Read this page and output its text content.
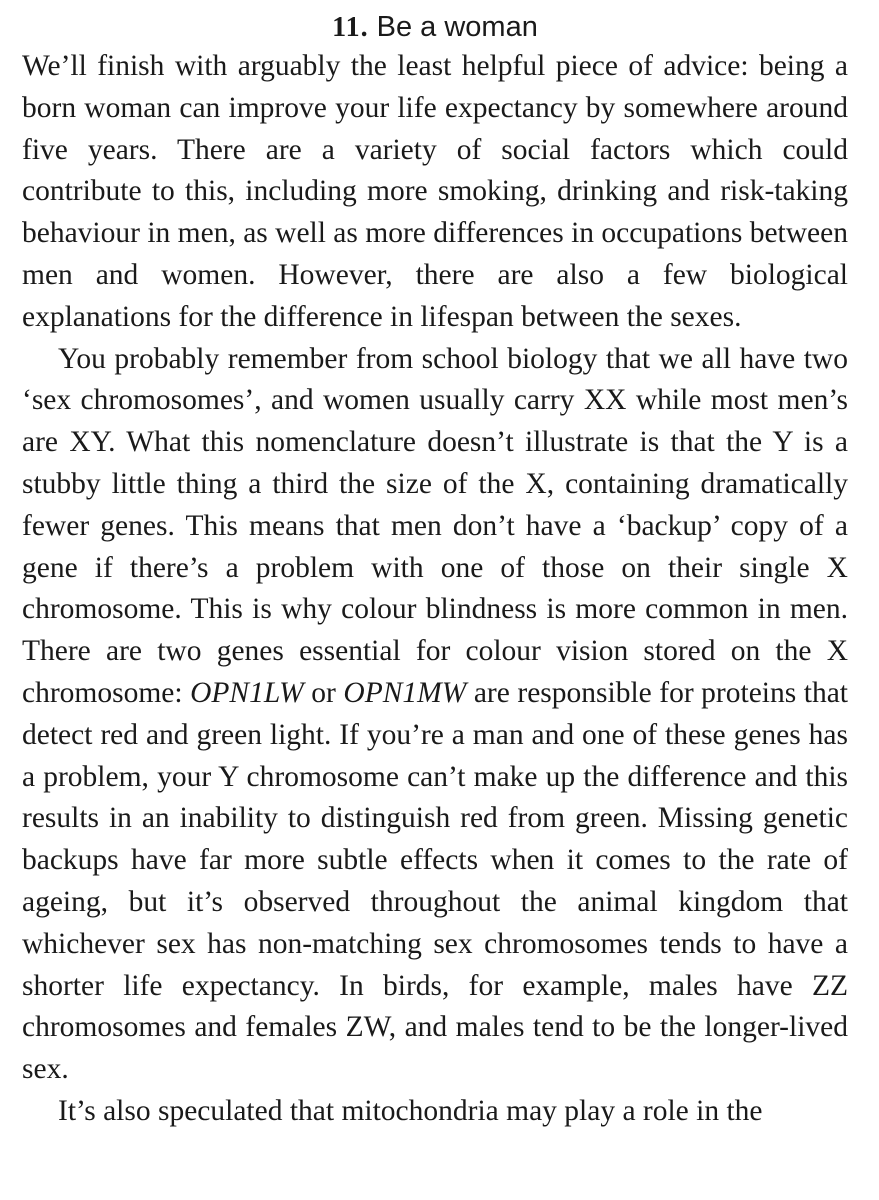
11. Be a woman

We’ll finish with arguably the least helpful piece of advice: being a born woman can improve your life expectancy by somewhere around five years. There are a variety of social factors which could contribute to this, including more smoking, drinking and risk-taking behaviour in men, as well as more differences in occupations between men and women. However, there are also a few biological explanations for the difference in lifespan between the sexes.

You probably remember from school biology that we all have two ‘sex chromosomes’, and women usually carry XX while most men’s are XY. What this nomenclature doesn’t illustrate is that the Y is a stubby little thing a third the size of the X, containing dramatically fewer genes. This means that men don’t have a ‘backup’ copy of a gene if there’s a problem with one of those on their single X chromosome. This is why colour blindness is more common in men. There are two genes essential for colour vision stored on the X chromosome: OPN1LW or OPN1MW are responsible for proteins that detect red and green light. If you’re a man and one of these genes has a problem, your Y chromosome can’t make up the difference and this results in an inability to distinguish red from green. Missing genetic backups have far more subtle effects when it comes to the rate of ageing, but it’s observed throughout the animal kingdom that whichever sex has non-matching sex chromosomes tends to have a shorter life expectancy. In birds, for example, males have ZZ chromosomes and females ZW, and males tend to be the longer-lived sex.

It’s also speculated that mitochondria may play a role in the
